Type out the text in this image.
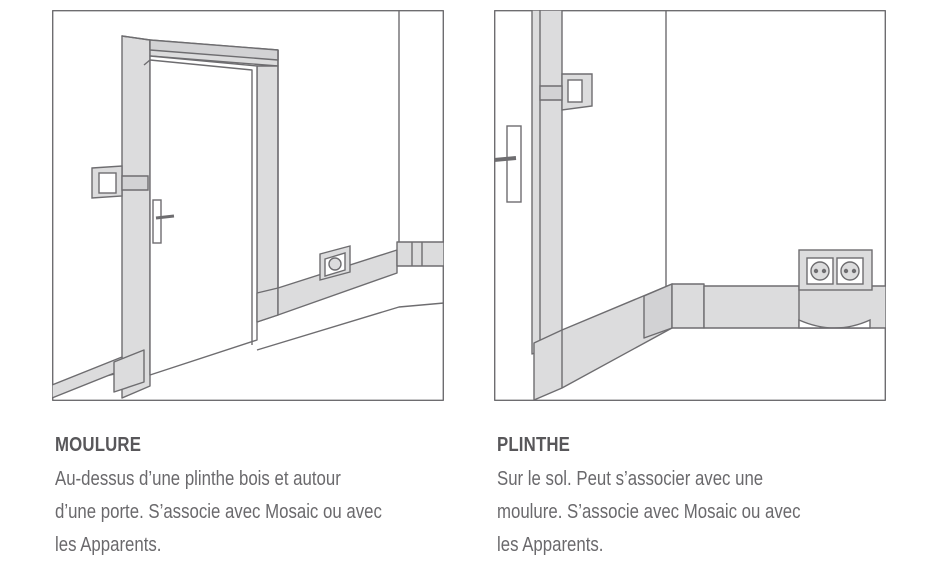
MOULURE

Au-dessus d’une plinthe bois et autour
d’une porte. S’associe avec Mosaic ou avec
les Apparents.

PLINTHE

Sur le sol. Peut s’associer avec une
moulure. S’associe avec Mosaic ou avec
les Apparents.
